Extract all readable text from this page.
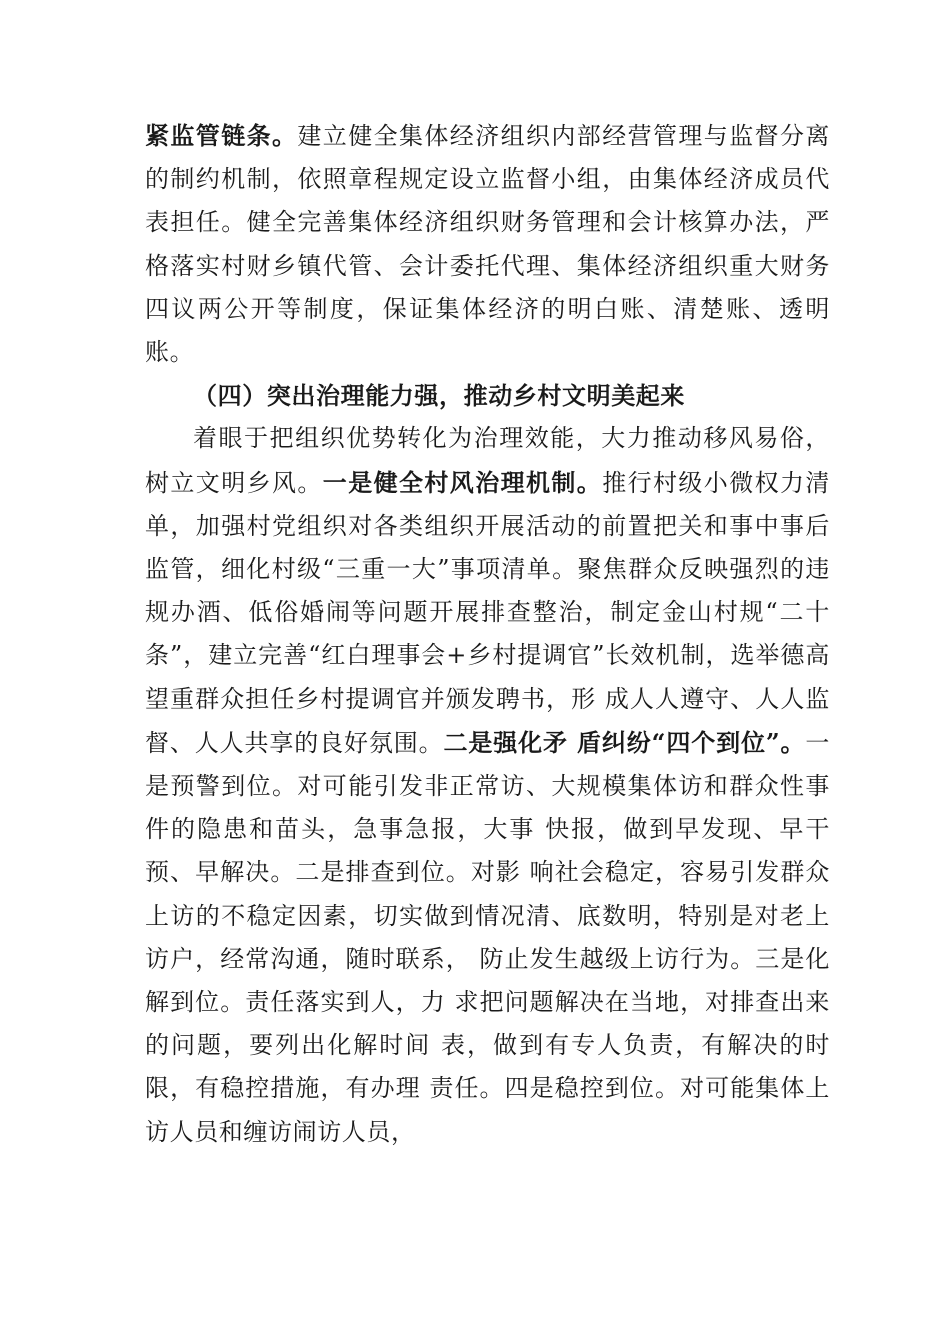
紧监管链条。建立健全集体经济组织内部经营管理与监督分离的制约机制，依照章程规定设立监督小组，由集体经济成员代表担任。健全完善集体经济组织财务管理和会计核算办法，严格落实村财乡镇代管、会计委托代理、集体经济组织重大财务四议两公开等制度，保证集体经济的明白账、清楚账、透明账。

（四）突出治理能力强，推动乡村文明美起来

着眼于把组织优势转化为治理效能，大力推动移风易俗，树立文明乡风。一是健全村风治理机制。推行村级小微权力清单，加强村党组织对各类组织开展活动的前置把关和事中事后监管，细化村级“三重一大”事项清单。聚焦群众反映强烈的违规办酒、低俗婚闹等问题开展排查整治，制定金山村规“二十条”，建立完善“红白理事会+乡村提调官”长效机制，选举德高望重群众担任乡村提调官并颁发聘书，形 成人人遵守、人人监督、人人共享的良好氛围。二是强化矛 盾纠纷“四个到位”。一是预警到位。对可能引发非正常访、大规模集体访和群众性事件的隐患和苗头，急事急报，大事 快报，做到早发现、早干预、早解决。二是排查到位。对影 响社会稳定，容易引发群众上访的不稳定因素，切实做到情况清、底数明，特别是对老上访户，经常沟通，随时联系， 防止发生越级上访行为。三是化解到位。责任落实到人，力 求把问题解决在当地，对排查出来的问题，要列出化解时间 表，做到有专人负责，有解决的时限，有稳控措施，有办理 责任。四是稳控到位。对可能集体上访人员和缠访闹访人员，
